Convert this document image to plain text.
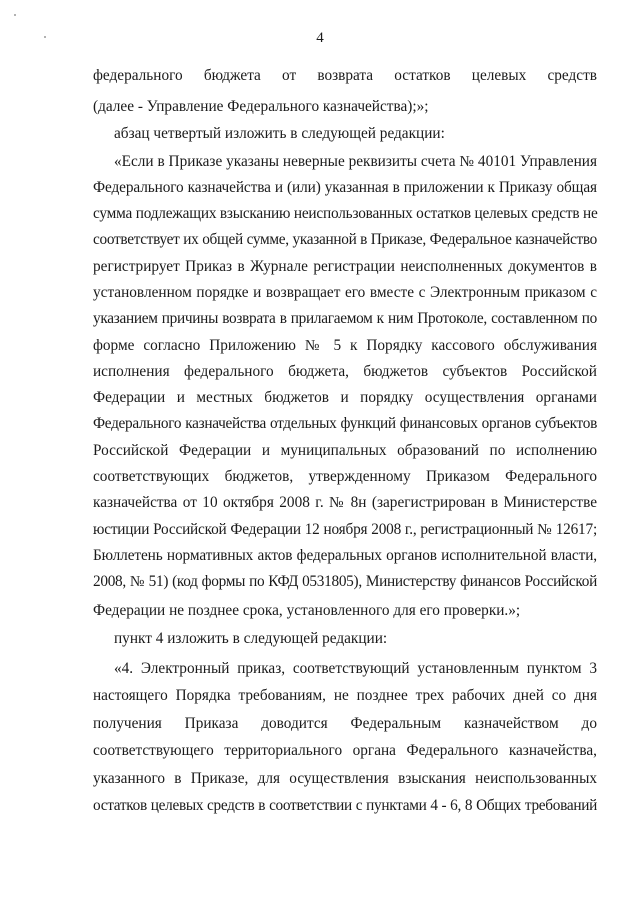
4
федерального бюджета от возврата остатков целевых средств
(далее - Управление Федерального казначейства);»;
абзац четвертый изложить в следующей редакции:
«Если в Приказе указаны неверные реквизиты счета № 40101 Управления
Федерального казначейства и (или) указанная в приложении к Приказу общая
сумма подлежащих взысканию неиспользованных остатков целевых средств не
соответствует их общей сумме, указанной в Приказе, Федеральное казначейство
регистрирует Приказ в Журнале регистрации неисполненных документов в
установленном порядке и возвращает его вместе с Электронным приказом с
указанием причины возврата в прилагаемом к ним Протоколе, составленном по
форме согласно Приложению № 5 к Порядку кассового обслуживания
исполнения федерального бюджета, бюджетов субъектов Российской
Федерации и местных бюджетов и порядку осуществления органами
Федерального казначейства отдельных функций финансовых органов субъектов
Российской Федерации и муниципальных образований по исполнению
соответствующих бюджетов, утвержденному Приказом Федерального
казначейства от 10 октября 2008 г. № 8н (зарегистрирован в Министерстве
юстиции Российской Федерации 12 ноября 2008 г., регистрационный № 12617;
Бюллетень нормативных актов федеральных органов исполнительной власти,
2008, № 51) (код формы по КФД 0531805), Министерству финансов Российской
Федерации не позднее срока, установленного для его проверки.»;
пункт 4 изложить в следующей редакции:
«4. Электронный приказ, соответствующий установленным пунктом 3
настоящего Порядка требованиям, не позднее трех рабочих дней со дня
получения Приказа доводится Федеральным казначейством до
соответствующего территориального органа Федерального казначейства,
указанного в Приказе, для осуществления взыскания неиспользованных
остатков целевых средств в соответствии с пунктами 4 - 6, 8 Общих требований
